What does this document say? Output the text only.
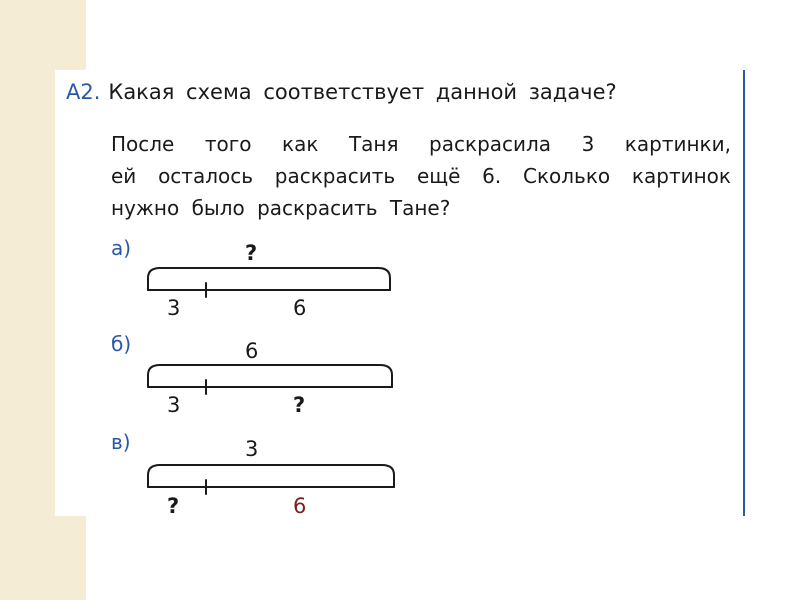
А2. Какая схема соответствует данной задаче?
После того как Таня раскрасила 3 картинки,
ей осталось раскрасить ещё 6. Сколько картинок
нужно было раскрасить Тане?
а)
б)
в)
?
3	6
6
3	?
3
?	6
